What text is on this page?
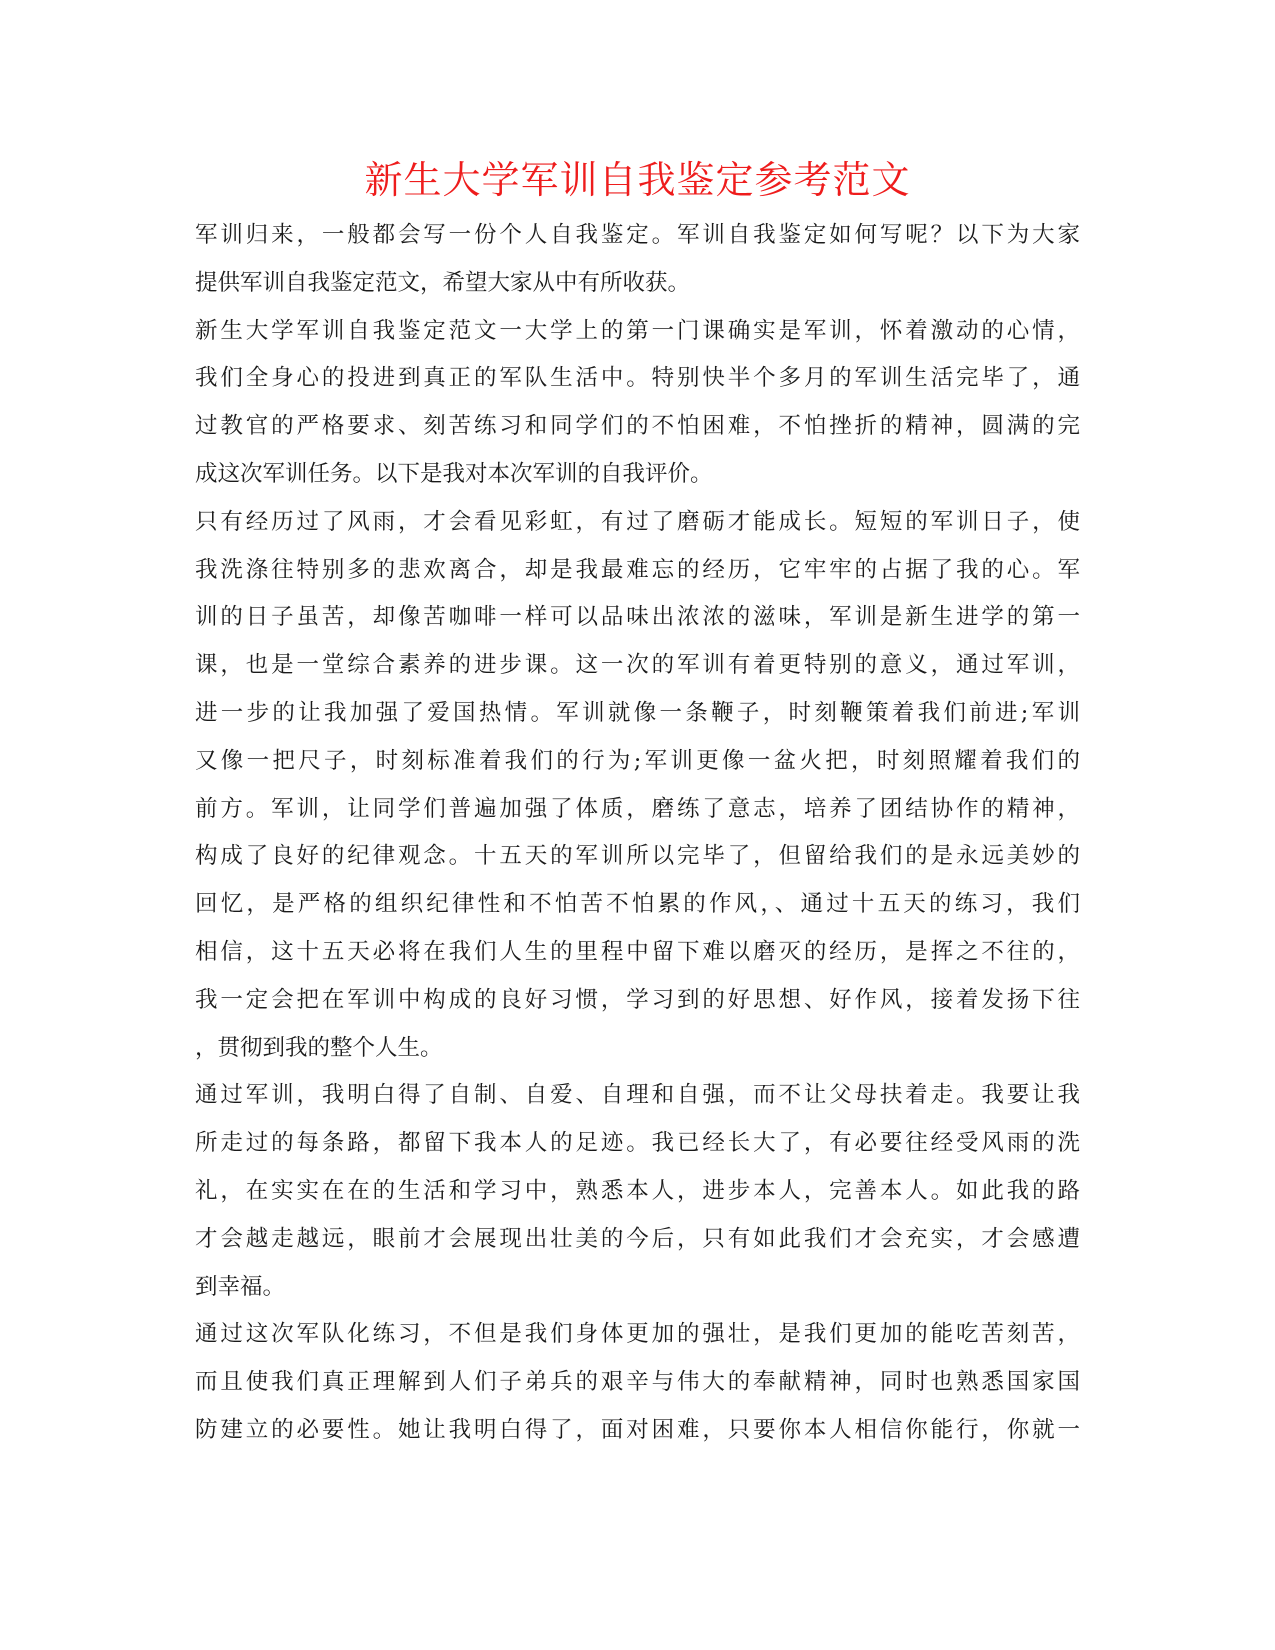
新生大学军训自我鉴定参考范文
军训归来，一般都会写一份个人自我鉴定。军训自我鉴定如何写呢？以下为大家
提供军训自我鉴定范文，希望大家从中有所收获。
新生大学军训自我鉴定范文一大学上的第一门课确实是军训，怀着激动的心情，
我们全身心的投进到真正的军队生活中。特别快半个多月的军训生活完毕了，通
过教官的严格要求、刻苦练习和同学们的不怕困难，不怕挫折的精神，圆满的完
成这次军训任务。以下是我对本次军训的自我评价。
只有经历过了风雨，才会看见彩虹，有过了磨砺才能成长。短短的军训日子，使
我洗涤往特别多的悲欢离合，却是我最难忘的经历，它牢牢的占据了我的心。军
训的日子虽苦，却像苦咖啡一样可以品味出浓浓的滋味，军训是新生进学的第一
课，也是一堂综合素养的进步课。这一次的军训有着更特别的意义，通过军训，
进一步的让我加强了爱国热情。军训就像一条鞭子，时刻鞭策着我们前进;军训
又像一把尺子，时刻标准着我们的行为;军训更像一盆火把，时刻照耀着我们的
前方。军训，让同学们普遍加强了体质，磨练了意志，培养了团结协作的精神，
构成了良好的纪律观念。十五天的军训所以完毕了，但留给我们的是永远美妙的
回忆，是严格的组织纪律性和不怕苦不怕累的作风，、通过十五天的练习，我们
相信，这十五天必将在我们人生的里程中留下难以磨灭的经历，是挥之不往的，
我一定会把在军训中构成的良好习惯，学习到的好思想、好作风，接着发扬下往
，贯彻到我的整个人生。
通过军训，我明白得了自制、自爱、自理和自强，而不让父母扶着走。我要让我
所走过的每条路，都留下我本人的足迹。我已经长大了，有必要往经受风雨的洗
礼，在实实在在的生活和学习中，熟悉本人，进步本人，完善本人。如此我的路
才会越走越远，眼前才会展现出壮美的今后，只有如此我们才会充实，才会感遭
到幸福。
通过这次军队化练习，不但是我们身体更加的强壮，是我们更加的能吃苦刻苦，
而且使我们真正理解到人们子弟兵的艰辛与伟大的奉献精神，同时也熟悉国家国
防建立的必要性。她让我明白得了，面对困难，只要你本人相信你能行，你就一
